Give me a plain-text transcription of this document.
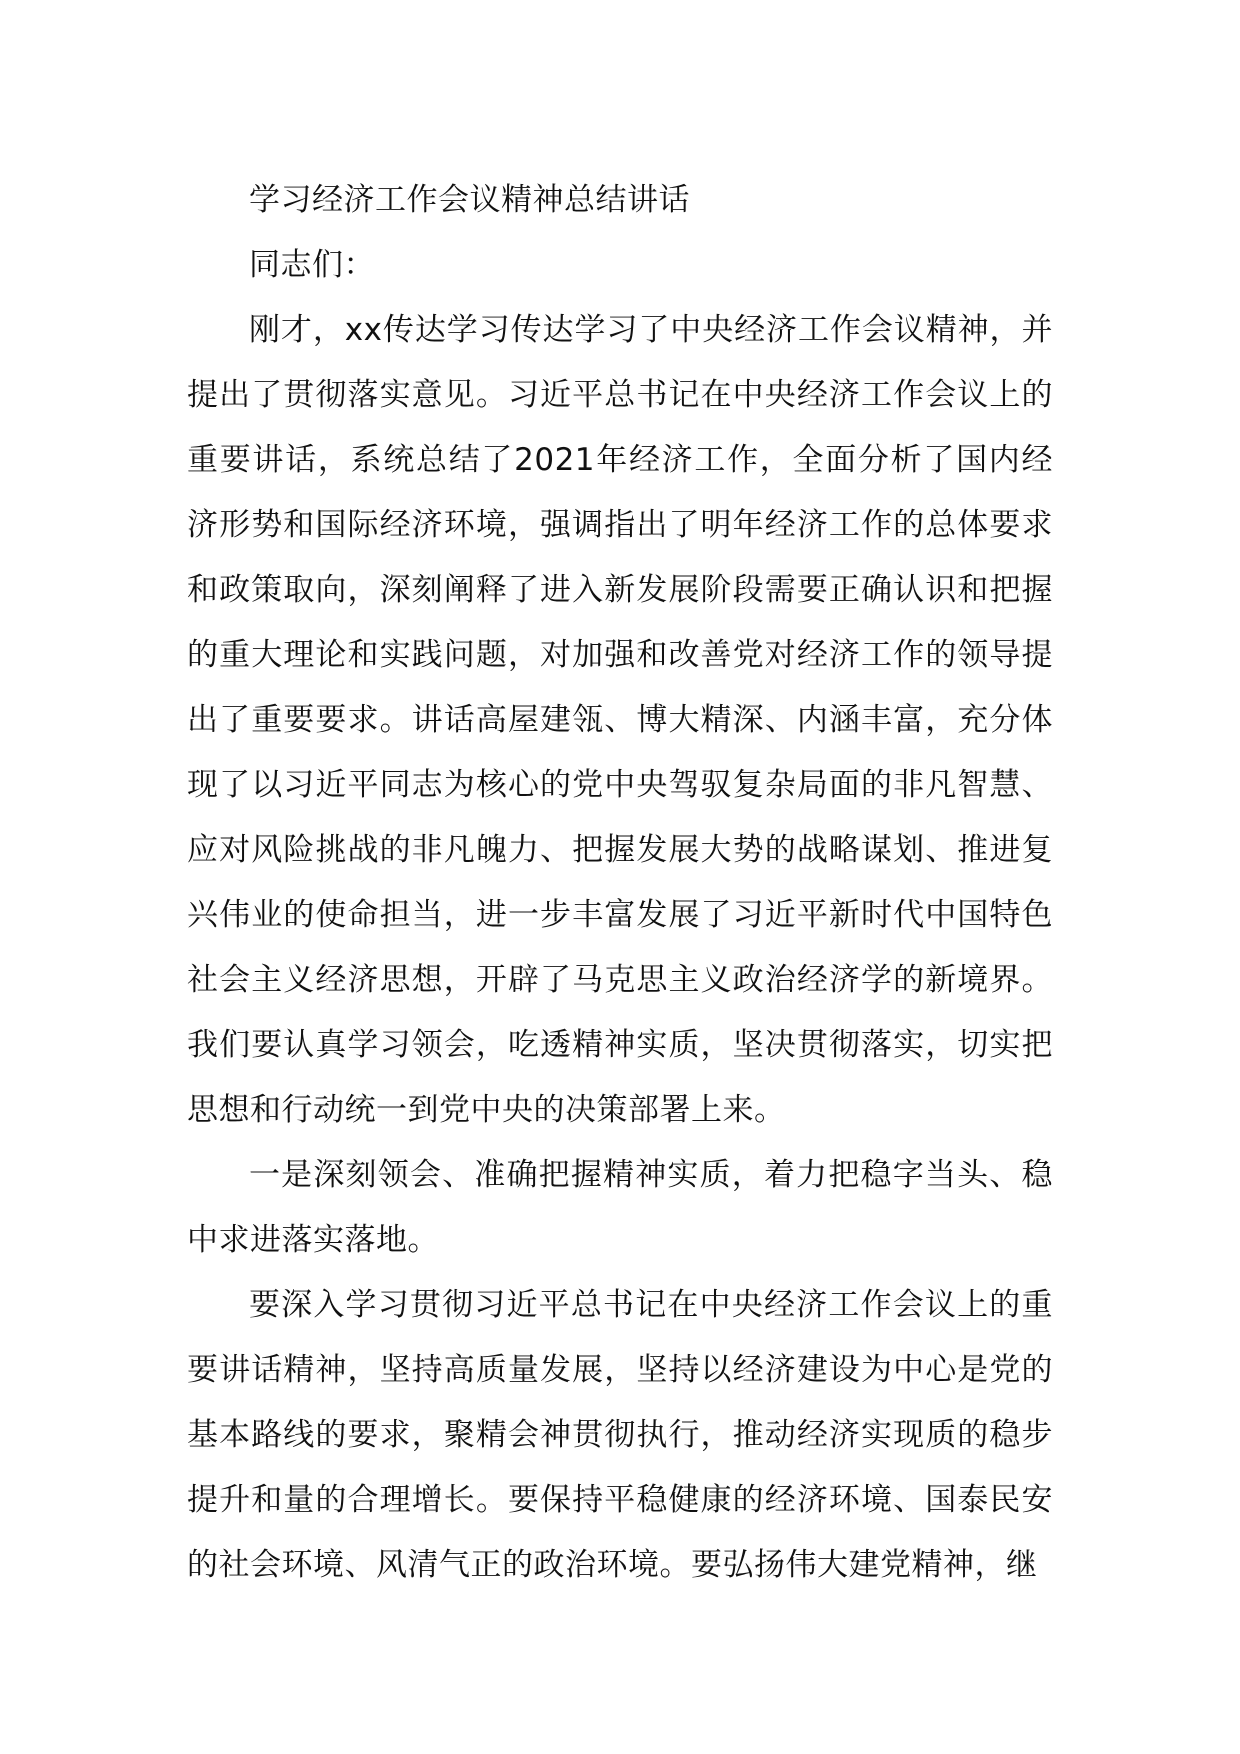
学习经济工作会议精神总结讲话

同志们：

刚才，xx传达学习传达学习了中央经济工作会议精神，并提出了贯彻落实意见。习近平总书记在中央经济工作会议上的重要讲话，系统总结了2021年经济工作，全面分析了国内经济形势和国际经济环境，强调指出了明年经济工作的总体要求和政策取向，深刻阐释了进入新发展阶段需要正确认识和把握的重大理论和实践问题，对加强和改善党对经济工作的领导提出了重要要求。讲话高屋建瓴、博大精深、内涵丰富，充分体现了以习近平同志为核心的党中央驾驭复杂局面的非凡智慧、应对风险挑战的非凡魄力、把握发展大势的战略谋划、推进复兴伟业的使命担当，进一步丰富发展了习近平新时代中国特色社会主义经济思想，开辟了马克思主义政治经济学的新境界。我们要认真学习领会，吃透精神实质，坚决贯彻落实，切实把思想和行动统一到党中央的决策部署上来。

一是深刻领会、准确把握精神实质，着力把稳字当头、稳中求进落实落地。

要深入学习贯彻习近平总书记在中央经济工作会议上的重要讲话精神，坚持高质量发展，坚持以经济建设为中心是党的基本路线的要求，聚精会神贯彻执行，推动经济实现质的稳步提升和量的合理增长。要保持平稳健康的经济环境、国泰民安的社会环境、风清气正的政治环境。要弘扬伟大建党精神，继
